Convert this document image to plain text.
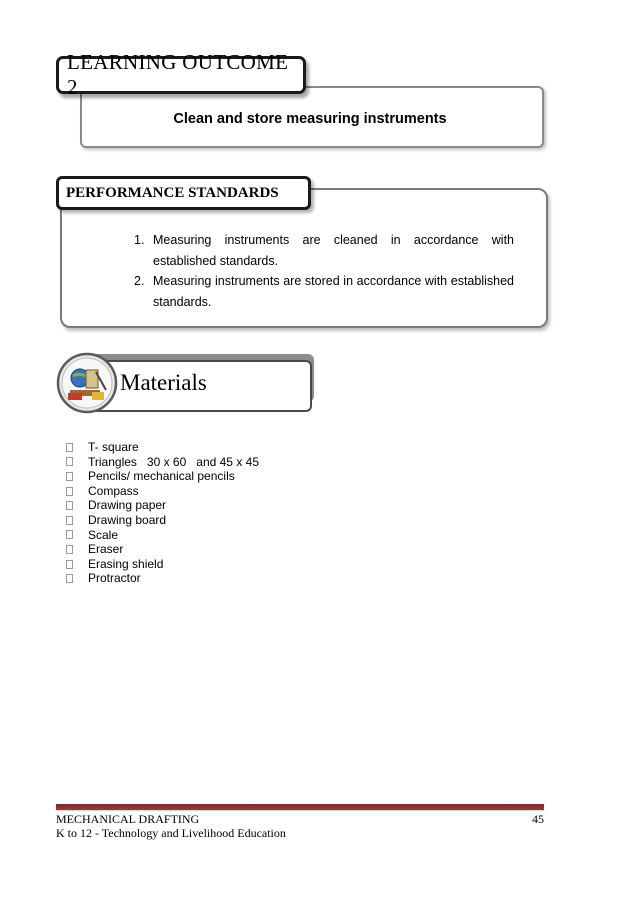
LEARNING OUTCOME 2
Clean and store measuring instruments
PERFORMANCE STANDARDS
1. Measuring instruments are cleaned in accordance with established standards.
2. Measuring instruments are stored in accordance with established standards.
Materials
T- square
Triangles   30 x 60   and 45 x 45
Pencils/ mechanical pencils
Compass
Drawing paper
Drawing board
Scale
Eraser
Erasing shield
Protractor
MECHANICAL DRAFTING
K to 12 - Technology and Livelihood Education
45
